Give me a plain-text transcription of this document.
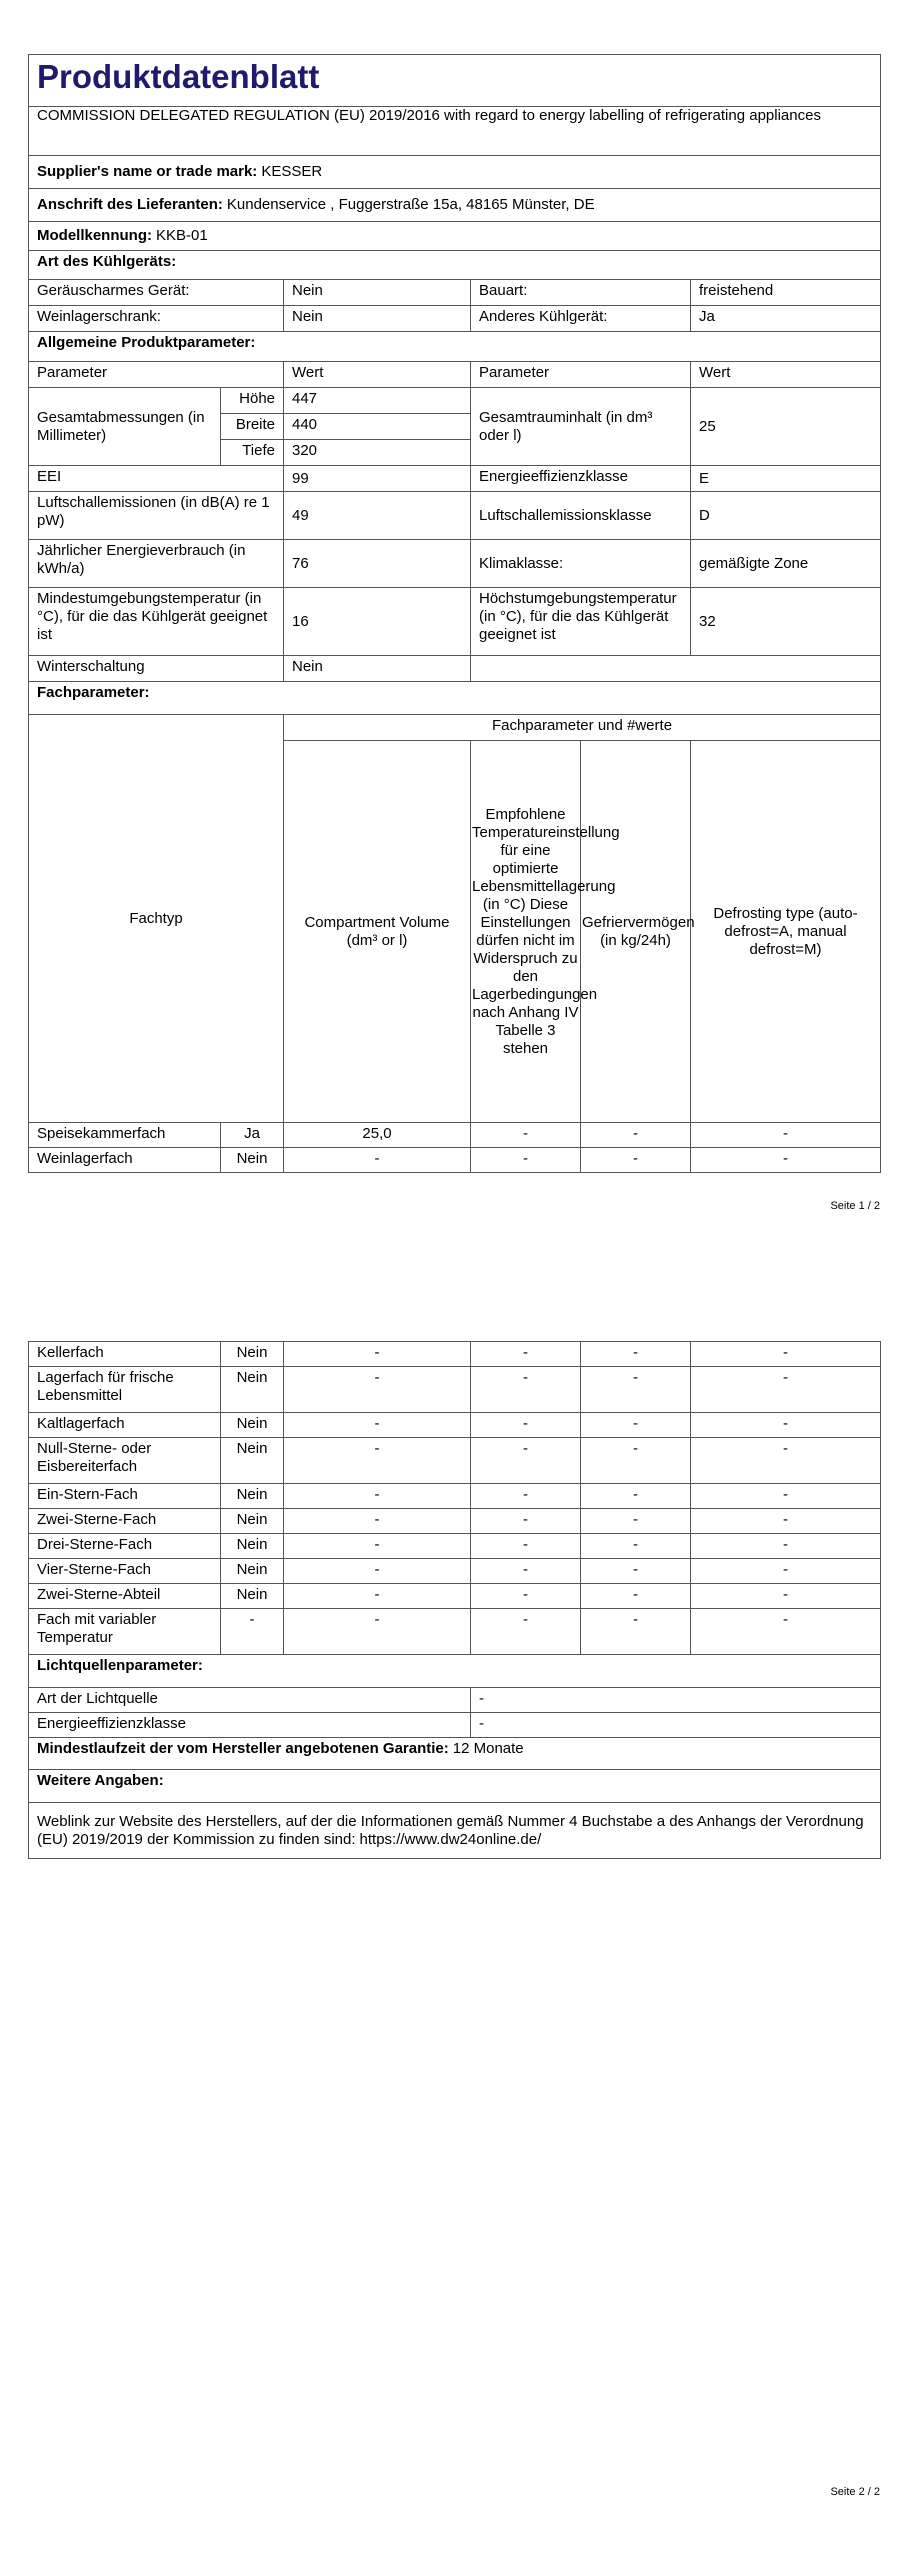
Produktdatenblatt					
COMMISSION DELEGATED REGULATION (EU) 2019/2016 with regard to energy labelling of refrigerating appliances					
Supplier's name or trade mark: KESSER					
Anschrift des Lieferanten: Kundenservice , Fuggerstraße 15a, 48165 Münster, DE					
Modellkennung: KKB-01					
Art des Kühlgeräts:					
Geräuscharmes Gerät:		Nein	Bauart:		freistehend
Weinlagerschrank:		Nein	Anderes Kühlgerät:		Ja
Allgemeine Produktparameter:					
Parameter		Wert	Parameter		Wert
Gesamtabmessungen (in Millimeter)	Höhe	447	Gesamtrauminhalt (in dm³ oder l)		25
	Breite	440			
	Tiefe	320			
EEI		99	Energieeffizienzklasse		E
Luftschallemissionen (in dB(A) re 1 pW)		49	Luftschallemissionsklasse		D
Jährlicher Energieverbrauch (in kWh/a)		76	Klimaklasse:		gemäßigte Zone
Mindestumgebungstemperatur (in °C), für die das Kühlgerät geeignet ist		16	Höchstumgebungstemperatur (in °C), für die das Kühlgerät geeignet ist		32
Winterschaltung		Nein			
Fachparameter:					
Fachtyp		Fachparameter und #werte			
		Compartment Volume (dm³ or l)	Empfohlene Temperatureinstellung für eine optimierte Lebensmittellagerung (in °C) Diese Einstellungen dürfen nicht im Widerspruch zu den Lagerbedingungen nach Anhang IV Tabelle 3 stehen	Gefriervermögen (in kg/24h)	Defrosting type (auto-defrost=A, manual defrost=M)
Speisekammerfach	Ja	25,0	-	-	-
Weinlagerfach	Nein	-	-	-	-
Seite 1 / 2
Kellerfach	Nein	-	-	-	-
Lagerfach für frische Lebensmittel	Nein	-	-	-	-
Kaltlagerfach	Nein	-	-	-	-
Null-Sterne- oder Eisbereiterfach	Nein	-	-	-	-
Ein-Stern-Fach	Nein	-	-	-	-
Zwei-Sterne-Fach	Nein	-	-	-	-
Drei-Sterne-Fach	Nein	-	-	-	-
Vier-Sterne-Fach	Nein	-	-	-	-
Zwei-Sterne-Abteil	Nein	-	-	-	-
Fach mit variabler Temperatur	-	-	-	-	-
Lichtquellenparameter:					
Art der Lichtquelle			-		
Energieeffizienzklasse			-		
Mindestlaufzeit der vom Hersteller angebotenen Garantie: 12 Monate					
Weitere Angaben:					
Weblink zur Website des Herstellers, auf der die Informationen gemäß Nummer 4 Buchstabe a des Anhangs der Verordnung (EU) 2019/2019 der Kommission zu finden sind: https://www.dw24online.de/					
Seite 2 / 2
